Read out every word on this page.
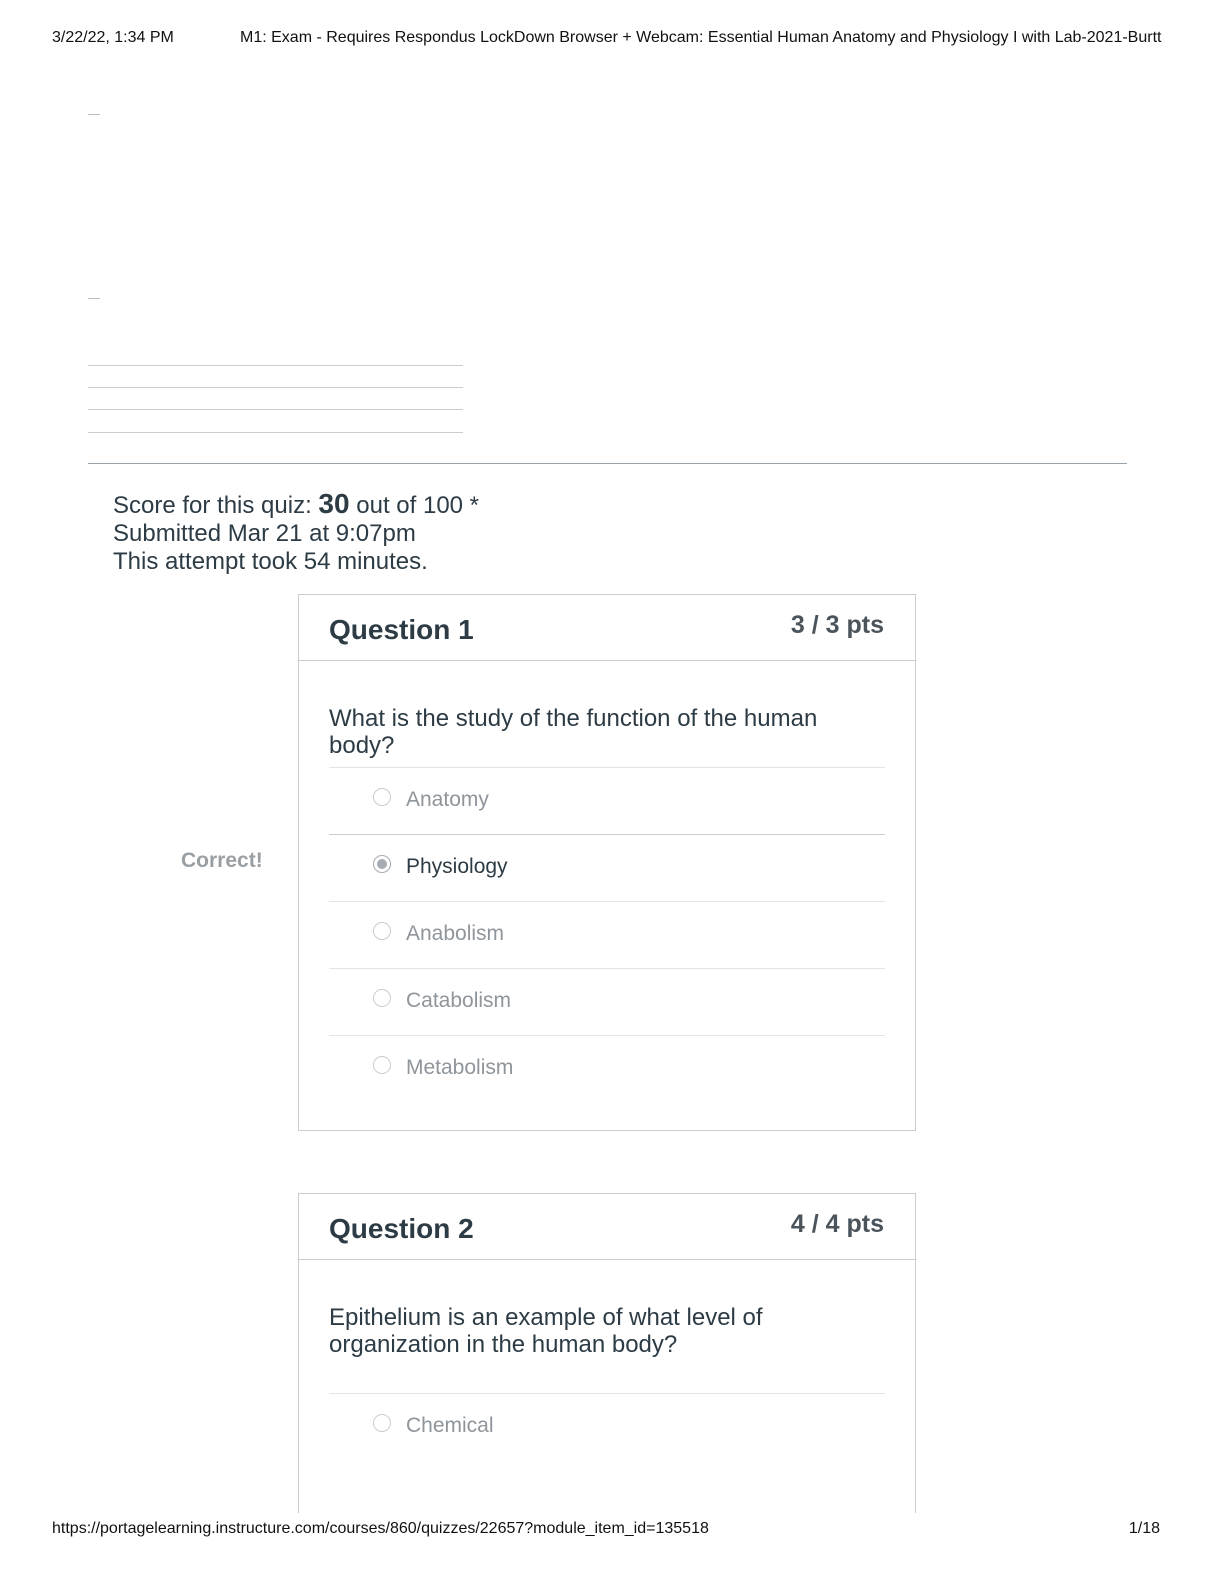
3/22/22, 1:34 PM	M1: Exam - Requires Respondus LockDown Browser + Webcam: Essential Human Anatomy and Physiology I with Lab-2021-Burtt
Score for this quiz: 30 out of 100 *
Submitted Mar 21 at 9:07pm
This attempt took 54 minutes.
Correct!
Question 1	3 / 3 pts

What is the study of the function of the human body?

Anatomy
Physiology
Anabolism
Catabolism
Metabolism
Question 2	4 / 4 pts

Epithelium is an example of what level of organization in the human body?

Chemical
https://portagelearning.instructure.com/courses/860/quizzes/22657?module_item_id=135518	1/18
